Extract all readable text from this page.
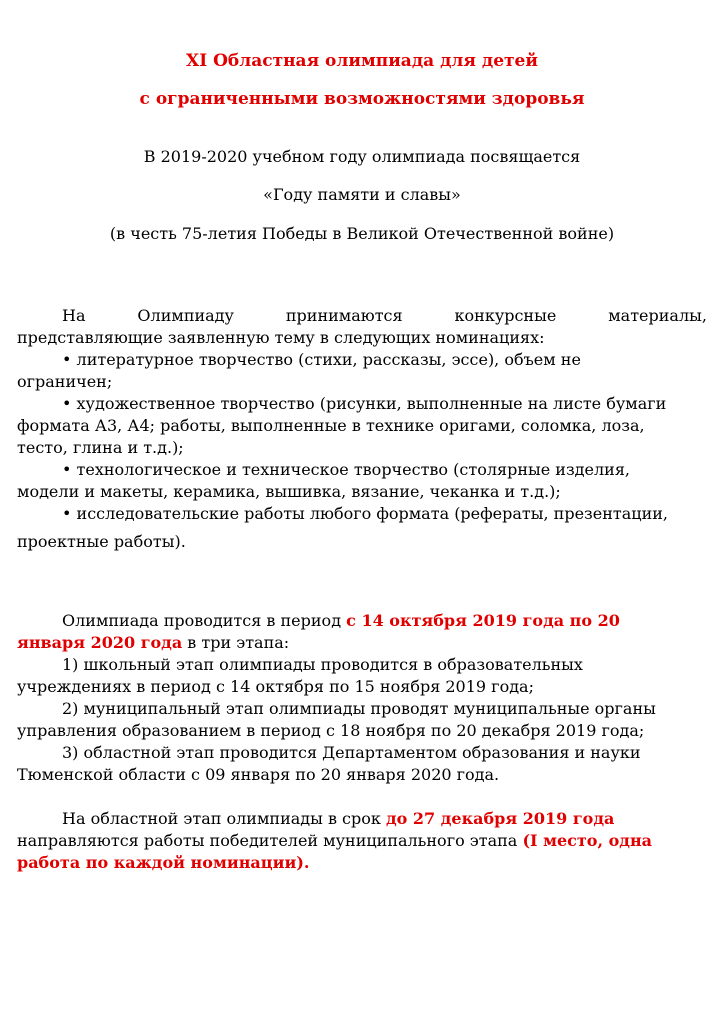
XI Областная олимпиада для детей
с ограниченными возможностями здоровья
В 2019-2020 учебном году олимпиада посвящается
«Году памяти и славы»
(в честь 75-летия Победы в Великой Отечественной войне)
На	Олимпиаду	принимаются	конкурсные	материалы,
представляющие заявленную тему в следующих номинациях:
• литературное творчество (стихи, рассказы, эссе), объем не
ограничен;
• художественное творчество (рисунки, выполненные на листе бумаги
формата А3, А4; работы, выполненные в технике оригами, соломка, лоза,
тесто, глина и т.д.);
• технологическое и техническое творчество (столярные изделия,
модели и макеты, керамика, вышивка, вязание, чеканка и т.д.);
• исследовательские работы любого формата (рефераты, презентации,
проектные работы).
Олимпиада проводится в период с 14 октября 2019 года по 20
января 2020 года в три этапа:
1) школьный этап олимпиады проводится в образовательных
учреждениях в период с 14 октября по 15 ноября 2019 года;
2) муниципальный этап олимпиады проводят муниципальные органы
управления образованием в период с 18 ноября по 20 декабря 2019 года;
3) областной этап проводится Департаментом образования и науки
Тюменской области с 09 января по 20 января 2020 года.
На областной этап олимпиады в срок до 27 декабря 2019 года
направляются работы победителей муниципального этапа (I место, одна
работа по каждой номинации).
